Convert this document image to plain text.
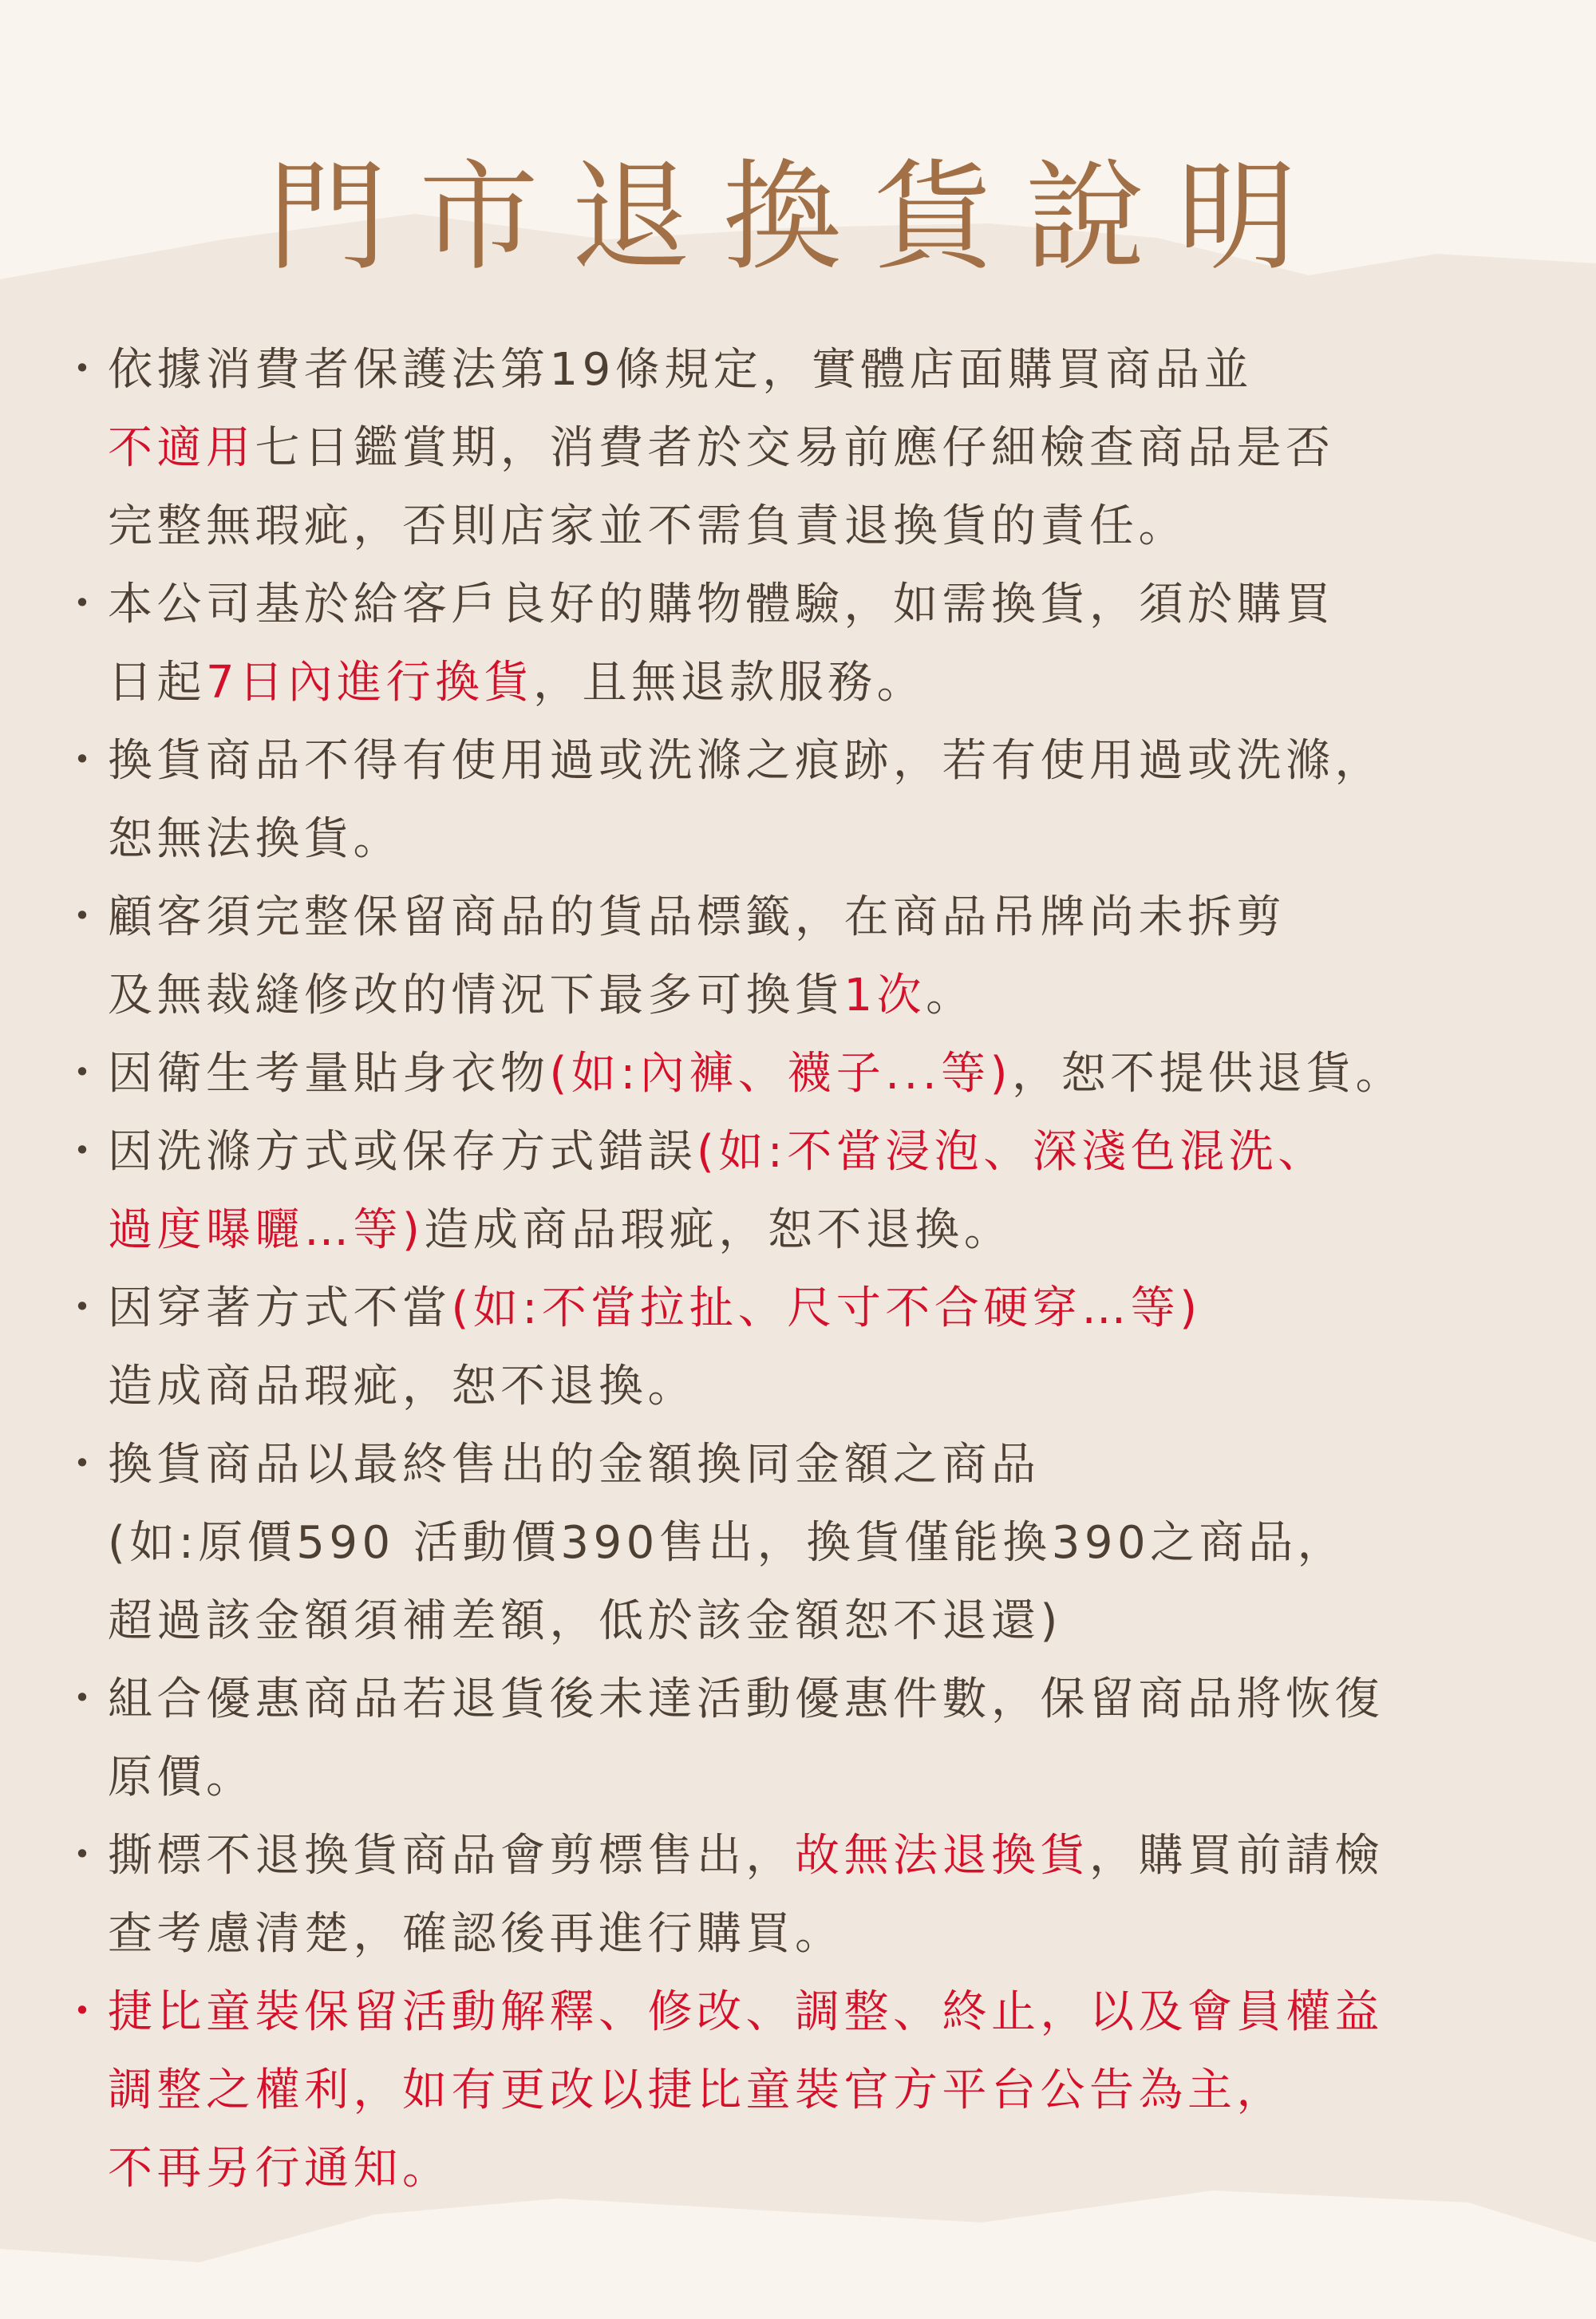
門市退換貨說明
・
依據消費者保護法第19條規定，實體店面購買商品並
不適用七日鑑賞期，消費者於交易前應仔細檢查商品是否
完整無瑕疵，否則店家並不需負責退換貨的責任。
・
本公司基於給客戶良好的購物體驗，如需換貨，須於購買
日起7日內進行換貨，且無退款服務。
・
換貨商品不得有使用過或洗滌之痕跡，若有使用過或洗滌，
恕無法換貨。
・
顧客須完整保留商品的貨品標籤，在商品吊牌尚未拆剪
及無裁縫修改的情況下最多可換貨1次。
・
因衛生考量貼身衣物(如:內褲、襪子...等)，恕不提供退貨。
・
因洗滌方式或保存方式錯誤(如:不當浸泡、深淺色混洗、
過度曝曬…等)造成商品瑕疵，恕不退換。
・
因穿著方式不當(如:不當拉扯、尺寸不合硬穿…等)
造成商品瑕疵，恕不退換。
・
換貨商品以最終售出的金額換同金額之商品
(如:原價590 活動價390售出，換貨僅能換390之商品，
超過該金額須補差額，低於該金額恕不退還)
・
組合優惠商品若退貨後未達活動優惠件數，保留商品將恢復
原價。
・
撕標不退換貨商品會剪標售出，故無法退換貨，購買前請檢
查考慮清楚，確認後再進行購買。
・
捷比童裝保留活動解釋、修改、調整、終止，以及會員權益
調整之權利，如有更改以捷比童裝官方平台公告為主，
不再另行通知。
